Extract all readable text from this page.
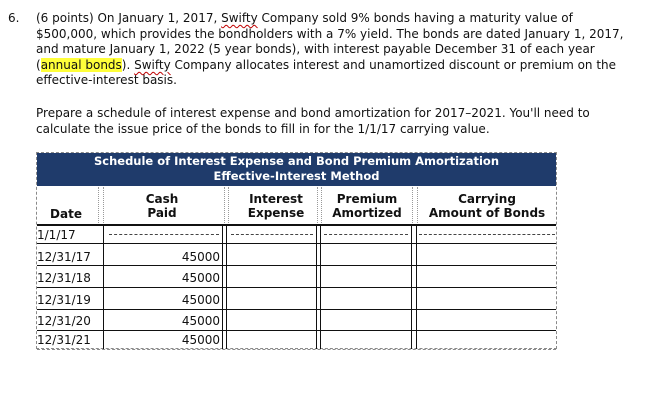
6. (6 points) On January 1, 2017, Swifty Company sold 9% bonds having a maturity value of $500,000, which provides the bondholders with a 7% yield. The bonds are dated January 1, 2017, and mature January 1, 2022 (5 year bonds), with interest payable December 31 of each year (annual bonds). Swifty Company allocates interest and unamortized discount or premium on the effective-interest basis.
Prepare a schedule of interest expense and bond amortization for 2017–2021. You'll need to calculate the issue price of the bonds to fill in for the 1/1/17 carrying value.
Schedule of Interest Expense and Bond Premium Amortization
Effective-Interest Method
Date
Cash
Paid
Interest
Expense
Premium
Amortized
Carrying
Amount of Bonds
1/1/17
12/31/17
12/31/18
12/31/19
12/31/20
12/31/21
45000
45000
45000
45000
45000
